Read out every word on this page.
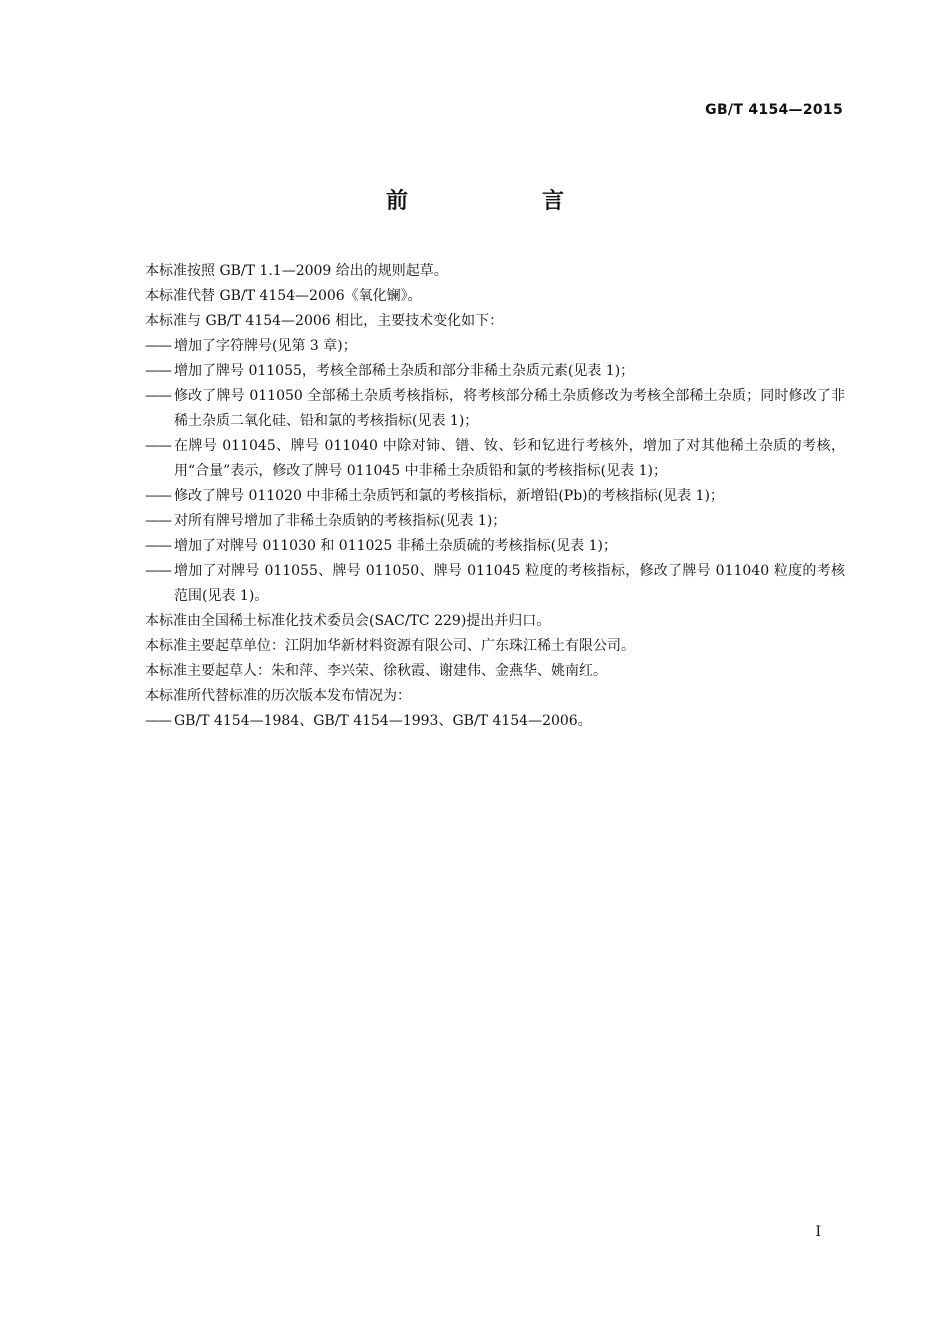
GB/T 4154—2015
前　言

本标准按照 GB/T 1.1—2009 给出的规则起草。

本标准代替 GB/T 4154—2006《氧化镧》。

本标准与 GB/T 4154—2006 相比，主要技术变化如下：

—— 增加了字符牌号(见第 3 章)；
—— 增加了牌号 011055，考核全部稀土杂质和部分非稀土杂质元素(见表 1)；
—— 修改了牌号 011050 全部稀土杂质考核指标，将考核部分稀土杂质修改为考核全部稀土杂质；同时修改了非稀土杂质二氧化硅、铅和氯的考核指标(见表 1)；
—— 在牌号 011045、牌号 011040 中除对铈、镨、钕、钐和钇进行考核外，增加了对其他稀土杂质的考核，用“合量”表示，修改了牌号 011045 中非稀土杂质铅和氯的考核指标(见表 1)；
—— 修改了牌号 011020 中非稀土杂质钙和氯的考核指标，新增铅(Pb)的考核指标(见表 1)；
—— 对所有牌号增加了非稀土杂质钠的考核指标(见表 1)；
—— 增加了对牌号 011030 和 011025 非稀土杂质硫的考核指标(见表 1)；
—— 增加了对牌号 011055、牌号 011050、牌号 011045 粒度的考核指标，修改了牌号 011040 粒度的考核范围(见表 1)。

本标准由全国稀土标准化技术委员会(SAC/TC 229)提出并归口。

本标准主要起草单位：江阴加华新材料资源有限公司、广东珠江稀土有限公司。

本标准主要起草人：朱和萍、李兴荣、徐秋霞、谢建伟、金燕华、姚南红。

本标准所代替标准的历次版本发布情况为：

—— GB/T 4154—1984、GB/T 4154—1993、GB/T 4154—2006。
I
